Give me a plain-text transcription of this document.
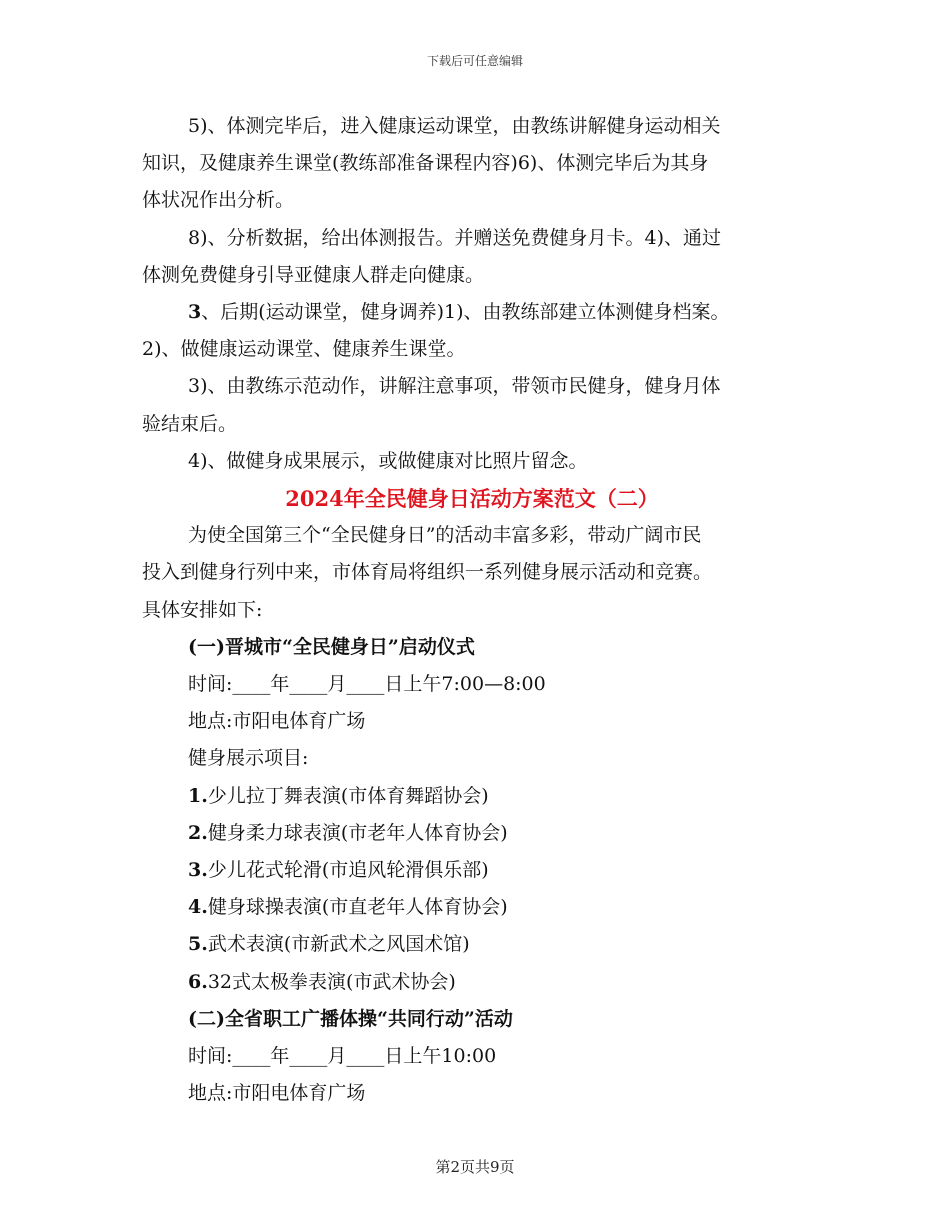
下载后可任意编辑

5)、体测完毕后，进入健康运动课堂，由教练讲解健身运动相关

知识，及健康养生课堂(教练部准备课程内容)6)、体测完毕后为其身

体状况作出分析。

8)、分析数据，给出体测报告。并赠送免费健身月卡。4)、通过

体测免费健身引导亚健康人群走向健康。

3、后期(运动课堂，健身调养)1)、由教练部建立体测健身档案。

2)、做健康运动课堂、健康养生课堂。

3)、由教练示范动作，讲解注意事项，带领市民健身，健身月体

验结束后。

4)、做健身成果展示，或做健康对比照片留念。

2024年全民健身日活动方案范文（二）

为使全国第三个“全民健身日”的活动丰富多彩，带动广阔市民

投入到健身行列中来，市体育局将组织一系列健身展示活动和竞赛。

具体安排如下:

(一)晋城市“全民健身日”启动仪式

时间:____年____月____日上午7:00—8:00

地点:市阳电体育广场

健身展示项目:

1.少儿拉丁舞表演(市体育舞蹈协会)

2.健身柔力球表演(市老年人体育协会)

3.少儿花式轮滑(市追风轮滑俱乐部)

4.健身球操表演(市直老年人体育协会)

5.武术表演(市新武术之风国术馆)

6.32式太极拳表演(市武术协会)

(二)全省职工广播体操“共同行动”活动

时间:____年____月____日上午10:00

地点:市阳电体育广场

第2页共9页
